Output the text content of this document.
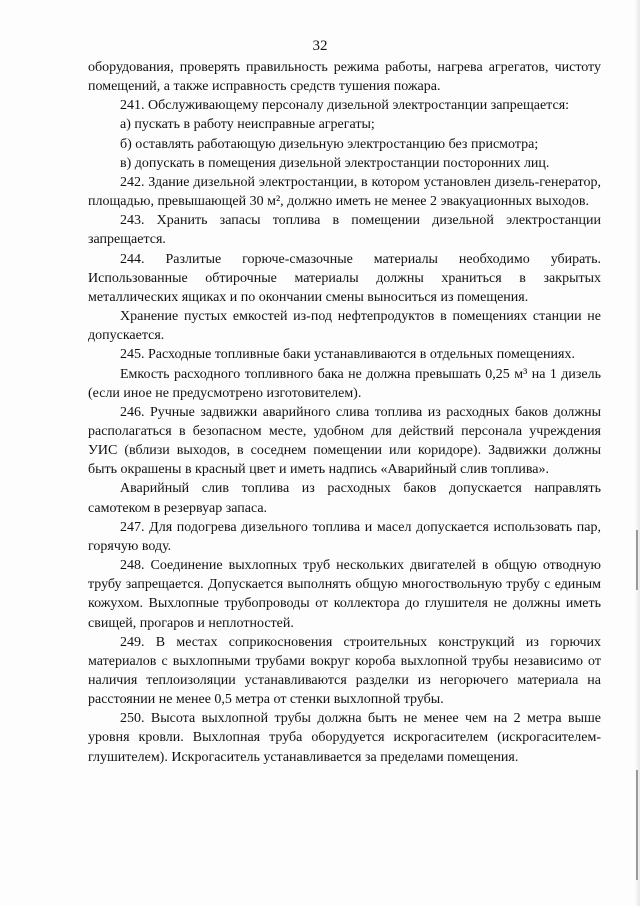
32

оборудования, проверять правильность режима работы, нагрева агрегатов, чистоту помещений, а также исправность средств тушения пожара.

241. Обслуживающему персоналу дизельной электростанции запрещается:

а) пускать в работу неисправные агрегаты;

б) оставлять работающую дизельную электростанцию без присмотра;

в) допускать в помещения дизельной электростанции посторонних лиц.

242. Здание дизельной электростанции, в котором установлен дизель-генератор, площадью, превышающей 30 м², должно иметь не менее 2 эвакуационных выходов.

243. Хранить запасы топлива в помещении дизельной электростанции запрещается.

244. Разлитые горюче-смазочные материалы необходимо убирать. Использованные обтирочные материалы должны храниться в закрытых металлических ящиках и по окончании смены выноситься из помещения.

Хранение пустых емкостей из-под нефтепродуктов в помещениях станции не допускается.

245. Расходные топливные баки устанавливаются в отдельных помещениях.

Емкость расходного топливного бака не должна превышать 0,25 м³ на 1 дизель (если иное не предусмотрено изготовителем).

246. Ручные задвижки аварийного слива топлива из расходных баков должны располагаться в безопасном месте, удобном для действий персонала учреждения УИС (вблизи выходов, в соседнем помещении или коридоре). Задвижки должны быть окрашены в красный цвет и иметь надпись «Аварийный слив топлива».

Аварийный слив топлива из расходных баков допускается направлять самотеком в резервуар запаса.

247. Для подогрева дизельного топлива и масел допускается использовать пар, горячую воду.

248. Соединение выхлопных труб нескольких двигателей в общую отводную трубу запрещается. Допускается выполнять общую многоствольную трубу с единым кожухом. Выхлопные трубопроводы от коллектора до глушителя не должны иметь свищей, прогаров и неплотностей.

249. В местах соприкосновения строительных конструкций из горючих материалов с выхлопными трубами вокруг короба выхлопной трубы независимо от наличия теплоизоляции устанавливаются разделки из негорючего материала на расстоянии не менее 0,5 метра от стенки выхлопной трубы.

250. Высота выхлопной трубы должна быть не менее чем на 2 метра выше уровня кровли. Выхлопная труба оборудуется искрогасителем (искрогасителем-глушителем). Искрогаситель устанавливается за пределами помещения.
